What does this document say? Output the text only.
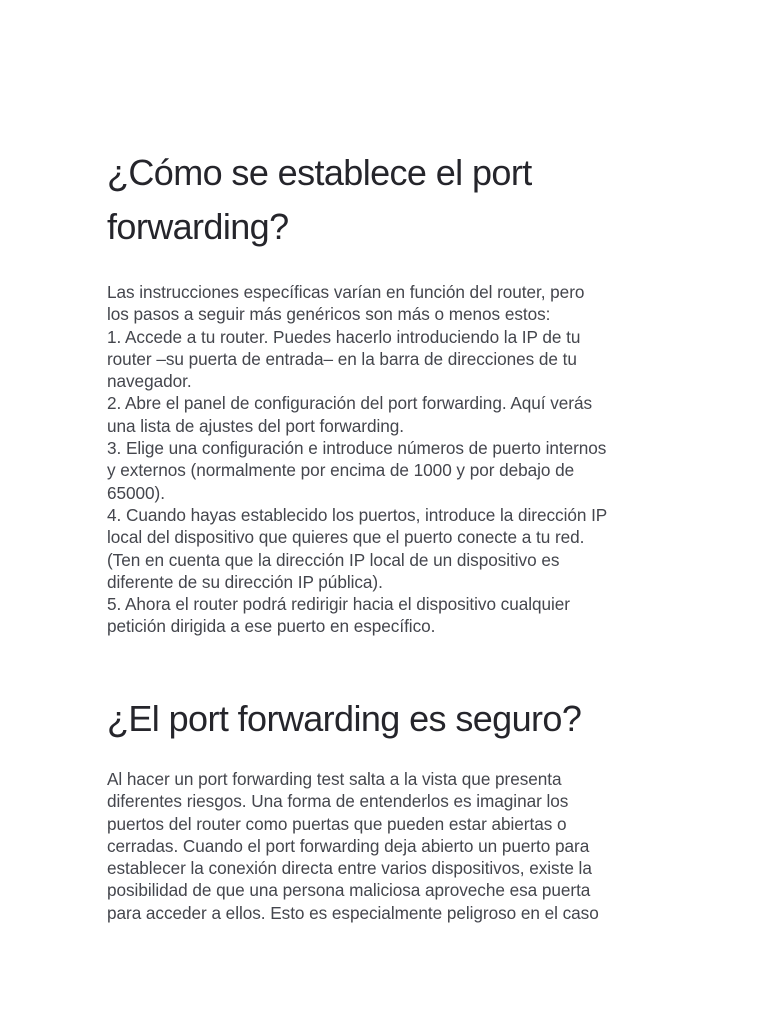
¿Cómo se establece el port
forwarding?

Las instrucciones específicas varían en función del router, pero
los pasos a seguir más genéricos son más o menos estos:
1. Accede a tu router. Puedes hacerlo introduciendo la IP de tu
router –su puerta de entrada– en la barra de direcciones de tu
navegador.
2. Abre el panel de configuración del port forwarding. Aquí verás
una lista de ajustes del port forwarding.
3. Elige una configuración e introduce números de puerto internos
y externos (normalmente por encima de 1000 y por debajo de
65000).
4. Cuando hayas establecido los puertos, introduce la dirección IP
local del dispositivo que quieres que el puerto conecte a tu red.
(Ten en cuenta que la dirección IP local de un dispositivo es
diferente de su dirección IP pública).
5. Ahora el router podrá redirigir hacia el dispositivo cualquier
petición dirigida a ese puerto en específico.

¿El port forwarding es seguro?

Al hacer un port forwarding test salta a la vista que presenta
diferentes riesgos. Una forma de entenderlos es imaginar los
puertos del router como puertas que pueden estar abiertas o
cerradas. Cuando el port forwarding deja abierto un puerto para
establecer la conexión directa entre varios dispositivos, existe la
posibilidad de que una persona maliciosa aproveche esa puerta
para acceder a ellos. Esto es especialmente peligroso en el caso
